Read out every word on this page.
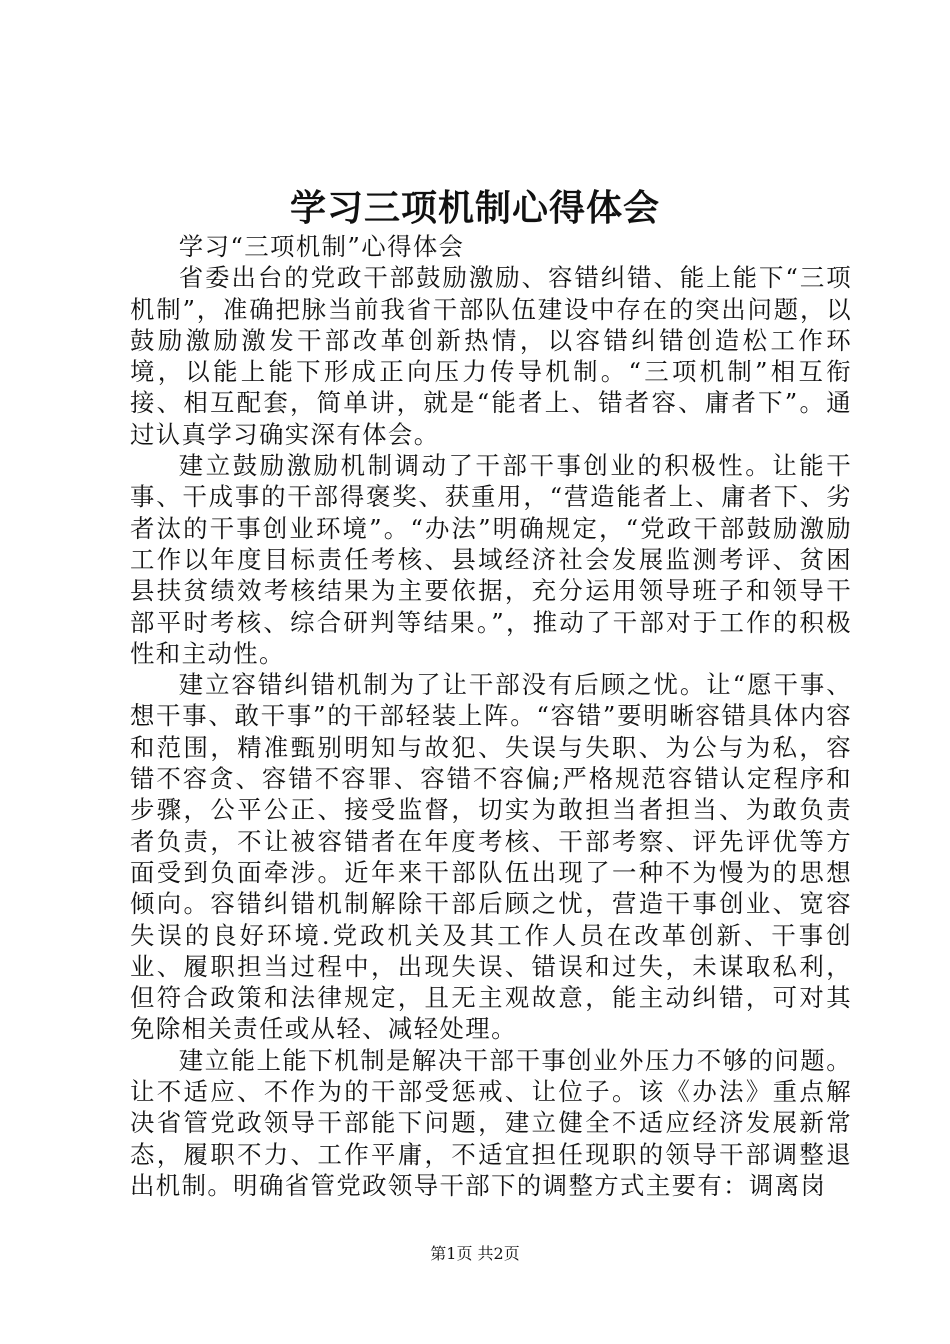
学习三项机制心得体会

学习“三项机制”心得体会

省委出台的党政干部鼓励激励、容错纠错、能上能下“三项机制”，准确把脉当前我省干部队伍建设中存在的突出问题，以鼓励激励激发干部改革创新热情，以容错纠错创造松工作环境，以能上能下形成正向压力传导机制。“三项机制”相互衔接、相互配套，简单讲，就是“能者上、错者容、庸者下”。通过认真学习确实深有体会。

建立鼓励激励机制调动了干部干事创业的积极性。让能干事、干成事的干部得褒奖、获重用，“营造能者上、庸者下、劣者汰的干事创业环境”。“办法”明确规定，“党政干部鼓励激励工作以年度目标责任考核、县域经济社会发展监测考评、贫困县扶贫绩效考核结果为主要依据，充分运用领导班子和领导干部平时考核、综合研判等结果。”，推动了干部对于工作的积极性和主动性。

建立容错纠错机制为了让干部没有后顾之忧。让“愿干事、想干事、敢干事”的干部轻装上阵。“容错”要明晰容错具体内容和范围，精准甄别明知与故犯、失误与失职、为公与为私，容错不容贪、容错不容罪、容错不容偏;严格规范容错认定程序和步骤，公平公正、接受监督，切实为敢担当者担当、为敢负责者负责，不让被容错者在年度考核、干部考察、评先评优等方面受到负面牵涉。近年来干部队伍出现了一种不为慢为的思想倾向。容错纠错机制解除干部后顾之忧，营造干事创业、宽容失误的良好环境.党政机关及其工作人员在改革创新、干事创业、履职担当过程中，出现失误、错误和过失，未谋取私利，但符合政策和法律规定，且无主观故意，能主动纠错，可对其免除相关责任或从轻、减轻处理。

建立能上能下机制是解决干部干事创业外压力不够的问题。让不适应、不作为的干部受惩戒、让位子。该《办法》重点解决省管党政领导干部能下问题，建立健全不适应经济发展新常态，履职不力、工作平庸，不适宜担任现职的领导干部调整退出机制。明确省管党政领导干部下的调整方式主要有：调离岗

第1页 共2页
